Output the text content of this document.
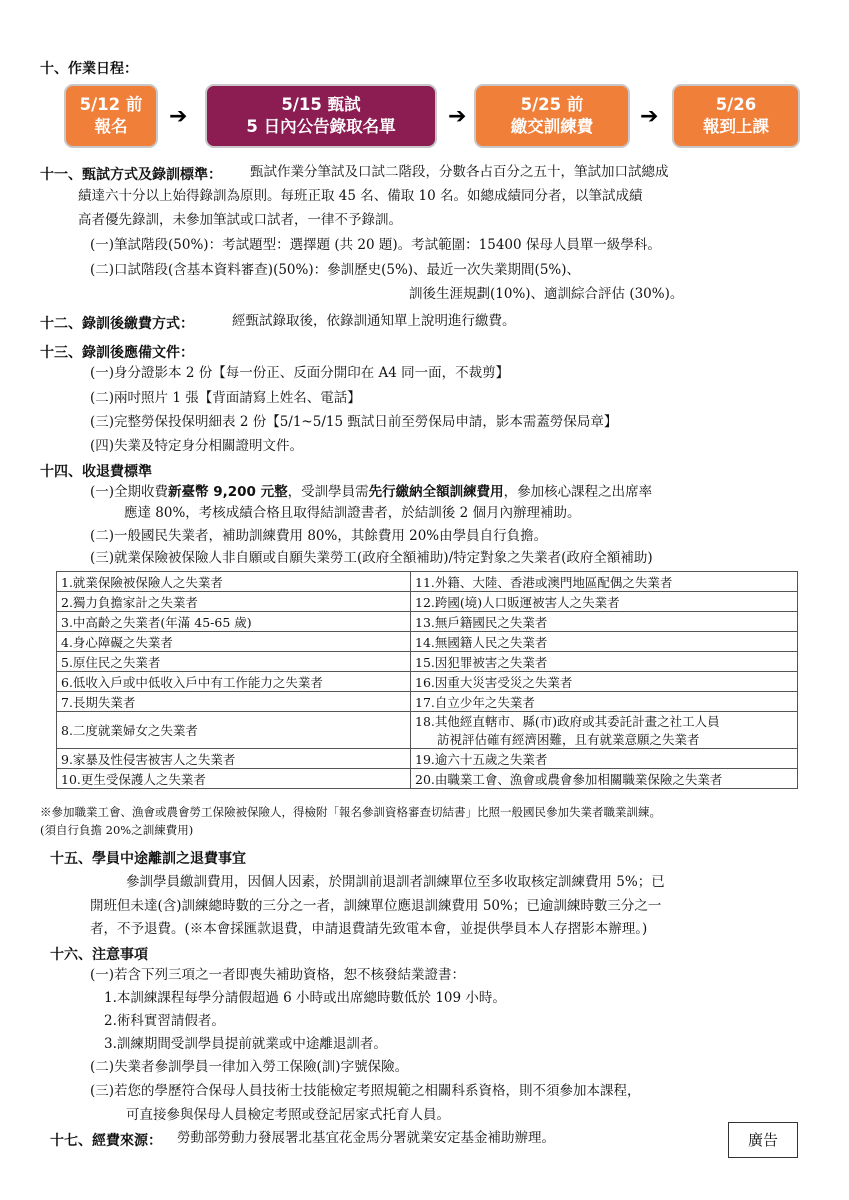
十、作業日程：
5/12 前
報名 ➔	5/15 甄試
5 日內公告錄取名單 ➔	5/25 前
繳交訓練費 ➔	5/26
報到上課
十一、甄試方式及錄訓標準： 甄試作業分筆試及口試二階段，分數各占百分之五十，筆試加口試總成
績達六十分以上始得錄訓為原則。每班正取 45 名、備取 10 名。如總成績同分者，以筆試成績
高者優先錄訓，未參加筆試或口試者，一律不予錄訓。
(一)筆試階段(50%)：考試題型：選擇題 (共 20 題)。考試範圍：15400 保母人員單一級學科。
(二)口試階段(含基本資料審查)(50%)：參訓歷史(5%)、最近一次失業期間(5%)、
訓後生涯規劃(10%)、適訓綜合評估 (30%)。
十二、錄訓後繳費方式：	經甄試錄取後，依錄訓通知單上說明進行繳費。
十三、錄訓後應備文件：
(一)身分證影本 2 份【每一份正、反面分開印在 A4 同一面，不裁剪】
(二)兩吋照片 1 張【背面請寫上姓名、電話】
(三)完整勞保投保明細表 2 份【5/1~5/15 甄試日前至勞保局申請，影本需蓋勞保局章】
(四)失業及特定身分相關證明文件。
十四、收退費標準
(一)全期收費新臺幣 9,200 元整，受訓學員需先行繳納全額訓練費用，參加核心課程之出席率
應達 80%，考核成績合格且取得結訓證書者，於結訓後 2 個月內辦理補助。
(二)一般國民失業者，補助訓練費用 80%，其餘費用 20%由學員自行負擔。
(三)就業保險被保險人非自願或自願失業勞工(政府全額補助)/特定對象之失業者(政府全額補助)
1.就業保險被保險人之失業者	11.外籍、大陸、香港或澳門地區配偶之失業者
2.獨力負擔家計之失業者	12.跨國(境)人口販運被害人之失業者
3.中高齡之失業者(年滿 45-65 歲)	13.無戶籍國民之失業者
4.身心障礙之失業者	14.無國籍人民之失業者
5.原住民之失業者	15.因犯罪被害之失業者
6.低收入戶或中低收入戶中有工作能力之失業者	16.因重大災害受災之失業者
7.長期失業者	17.自立少年之失業者
8.二度就業婦女之失業者	18.其他經直轄市、縣(市)政府或其委託計畫之社工人員
訪視評估確有經濟困難，且有就業意願之失業者

9.家暴及性侵害被害人之失業者	19.逾六十五歲之失業者
10.更生受保護人之失業者	20.由職業工會、漁會或農會參加相關職業保險之失業者
※參加職業工會、漁會或農會勞工保險被保險人，得檢附「報名參訓資格審查切結書」比照一般國民參加失業者職業訓練。
(須自行負擔 20%之訓練費用)
十五、學員中途離訓之退費事宜
參訓學員繳訓費用，因個人因素，於開訓前退訓者訓練單位至多收取核定訓練費用 5%；已
開班但未達(含)訓練總時數的三分之一者，訓練單位應退訓練費用 50%；已逾訓練時數三分之一
者，不予退費。(※本會採匯款退費，申請退費請先致電本會，並提供學員本人存摺影本辦理。)
十六、注意事項
(一)若含下列三項之一者即喪失補助資格，恕不核發結業證書：
1.本訓練課程每學分請假超過 6 小時或出席總時數低於 109 小時。
2.術科實習請假者。
3.訓練期間受訓學員提前就業或中途離退訓者。
(二)失業者參訓學員一律加入勞工保險(訓)字號保險。
(三)若您的學歷符合保母人員技術士技能檢定考照規範之相關科系資格，則不須參加本課程，
可直接參與保母人員檢定考照或登記居家式托育人員。
十七、經費來源： 勞動部勞動力發展署北基宜花金馬分署就業安定基金補助辦理。	廣告
